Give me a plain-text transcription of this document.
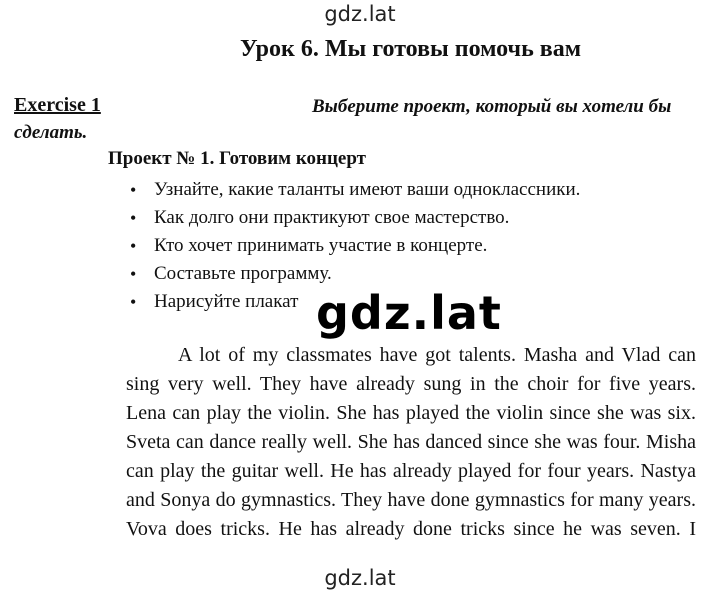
gdz.lat
Урок 6. Мы готовы помочь вам
Exercise 1	Выберите проект, который вы хотели бы
сделать.
Проект № 1. Готовим концерт
• Узнайте, какие таланты имеют ваши одноклассники.
• Как долго они практикуют свое мастерство.
• Кто хочет принимать участие в концерте.
• Составьте программу.
• Нарисуйте плакат gdz.lat
A lot of my classmates have got talents. Masha and Vlad can
sing very well. They have already sung in the choir for five years.
Lena can play the violin. She has played the violin since she was six.
Sveta can dance really well. She has danced since she was four. Misha
can play the guitar well. He has already played for four years. Nastya
and Sonya do gymnastics. They have done gymnastics for many years.
Vova does tricks. He has already done tricks since he was seven. I
gdz.lat
